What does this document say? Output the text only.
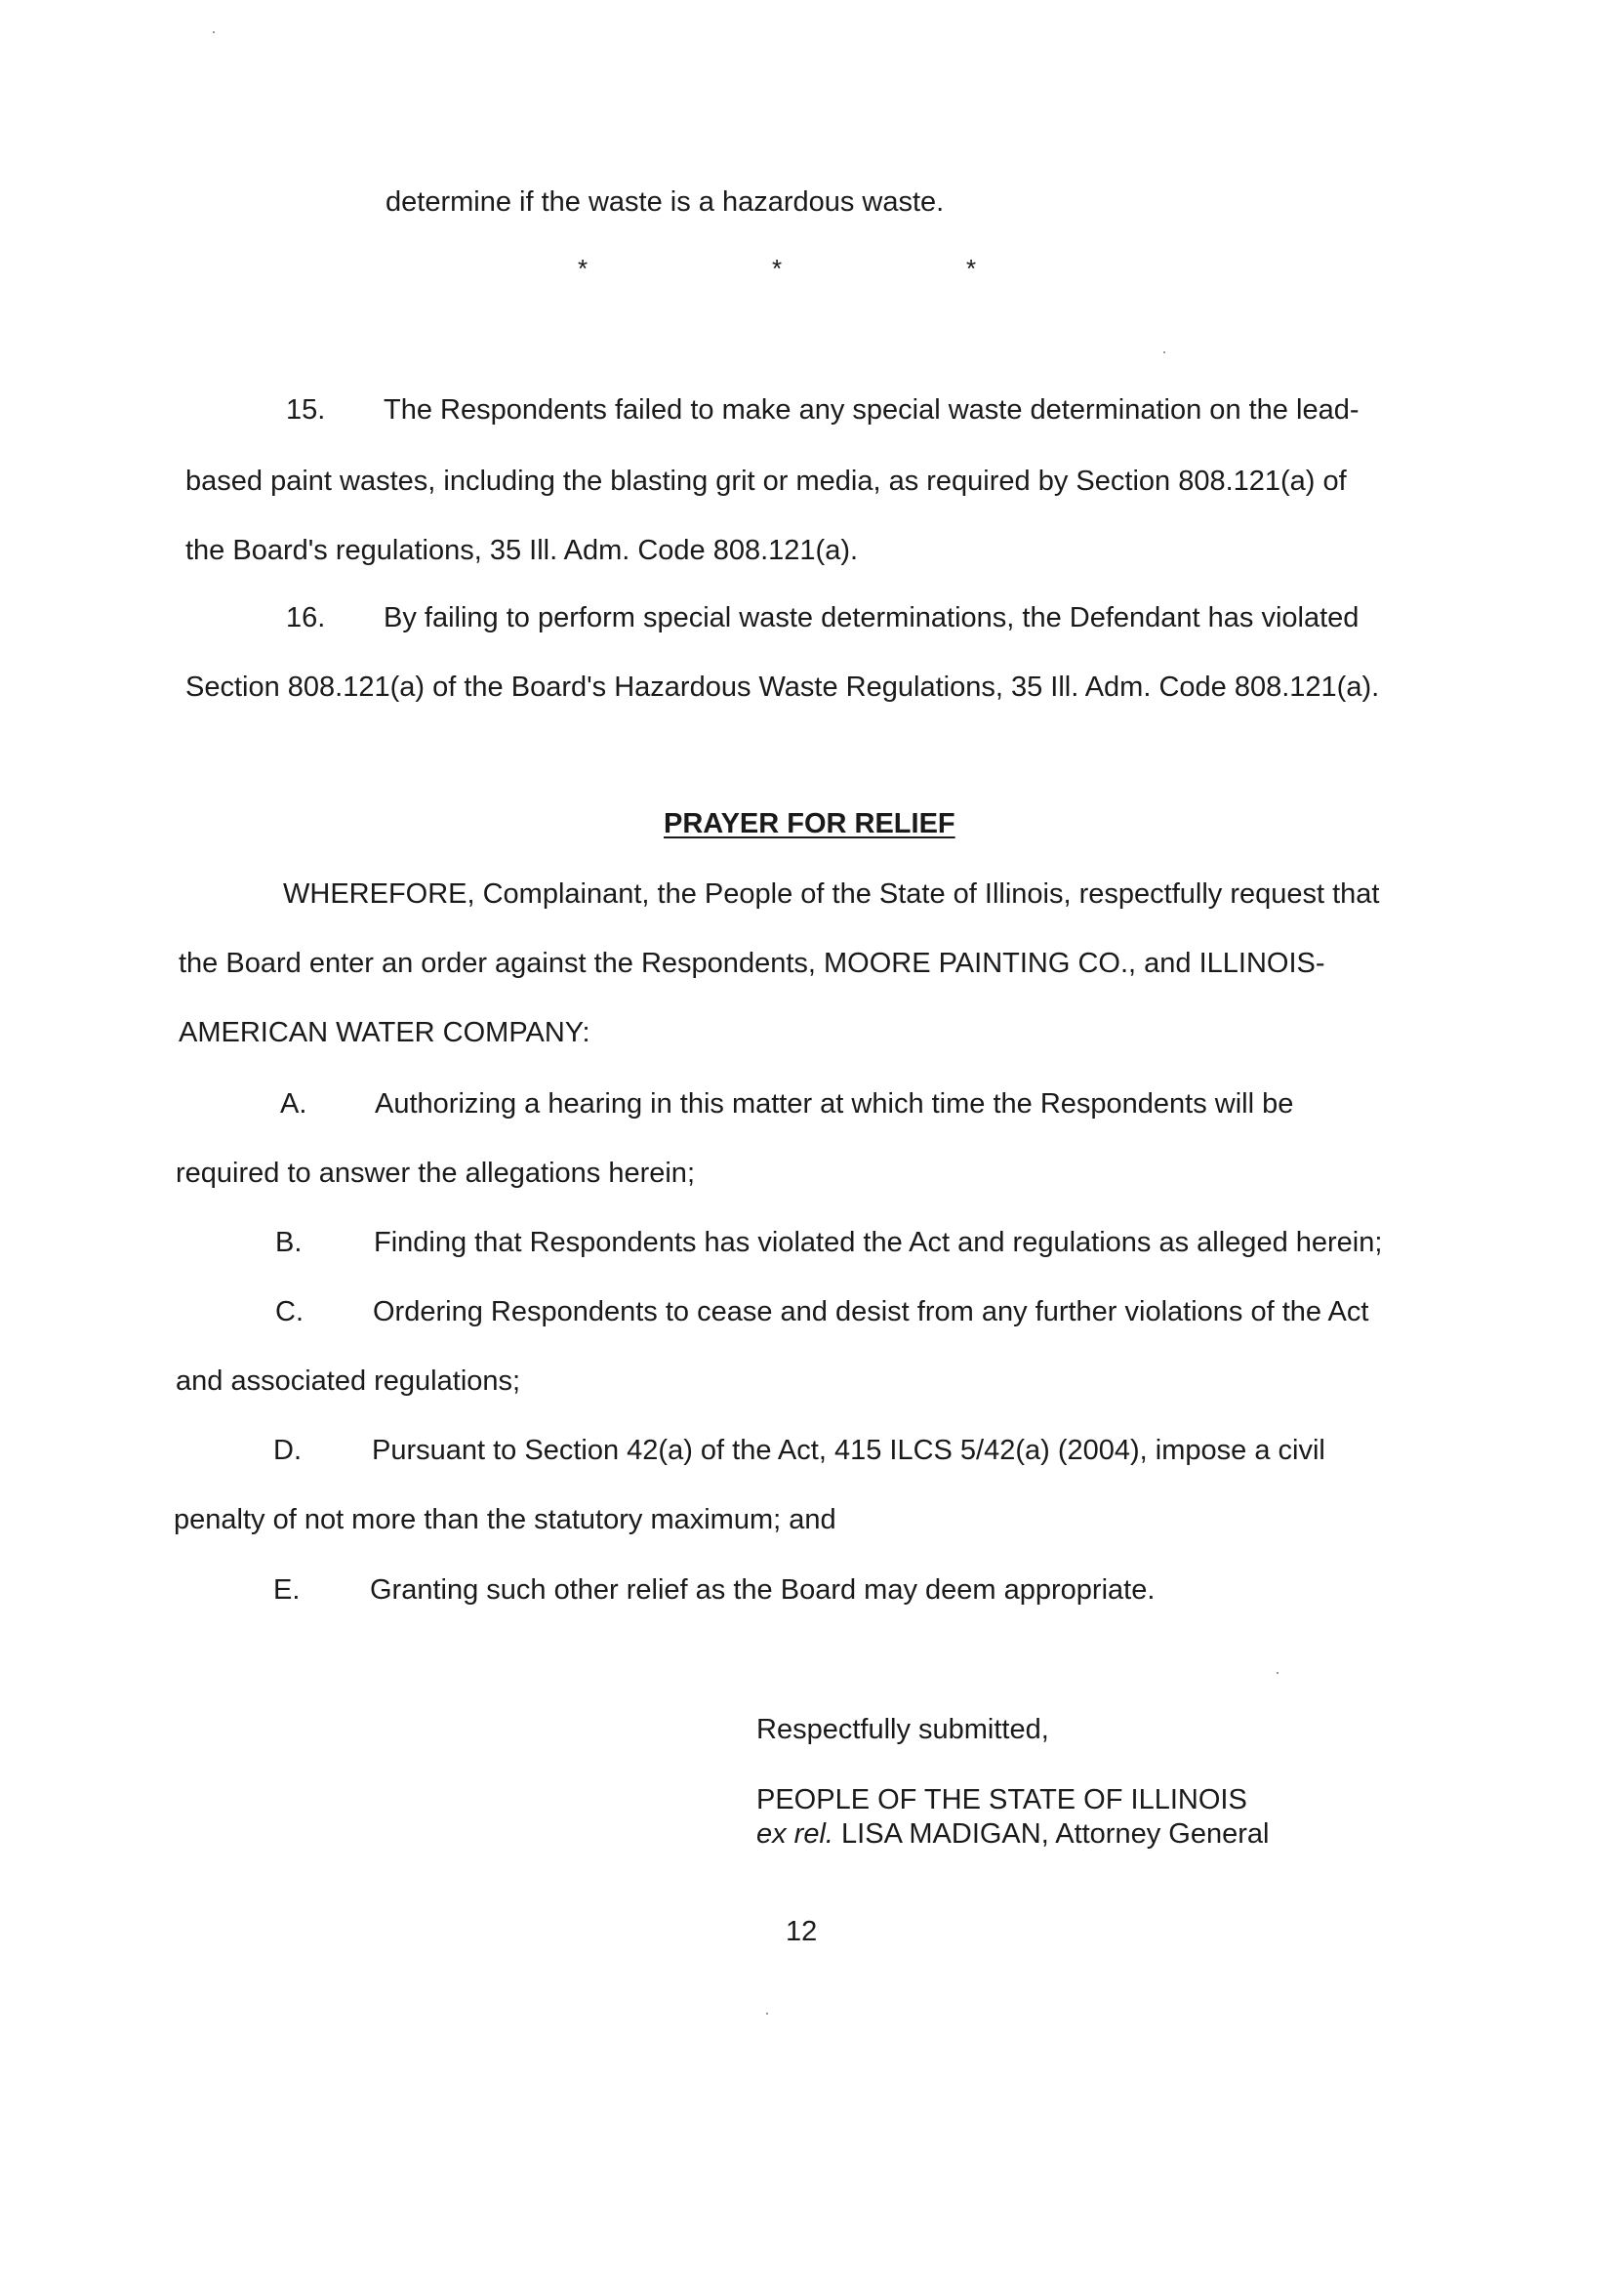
determine if the waste is a hazardous waste.
*	*	*
15. The Respondents failed to make any special waste determination on the lead-
based paint wastes, including the blasting grit or media, as required by Section 808.121(a) of
the Board's regulations, 35 Ill. Adm. Code 808.121(a).
16. By failing to perform special waste determinations, the Defendant has violated
Section 808.121(a) of the Board's Hazardous Waste Regulations, 35 Ill. Adm. Code 808.121(a).
PRAYER FOR RELIEF
WHEREFORE, Complainant, the People of the State of Illinois, respectfully request that
the Board enter an order against the Respondents, MOORE PAINTING CO., and ILLINOIS-
AMERICAN WATER COMPANY:
A. Authorizing a hearing in this matter at which time the Respondents will be
required to answer the allegations herein;
B.	Finding that Respondents has violated the Act and regulations as alleged herein;
C. Ordering Respondents to cease and desist from any further violations of the Act
and associated regulations;
D. Pursuant to Section 42(a) of the Act, 415 ILCS 5/42(a) (2004), impose a civil
penalty of not more than the statutory maximum; and
E. Granting such other relief as the Board may deem appropriate.
Respectfully submitted,
PEOPLE OF THE STATE OF ILLINOIS
ex rel. LISA MADIGAN, Attorney General
12
